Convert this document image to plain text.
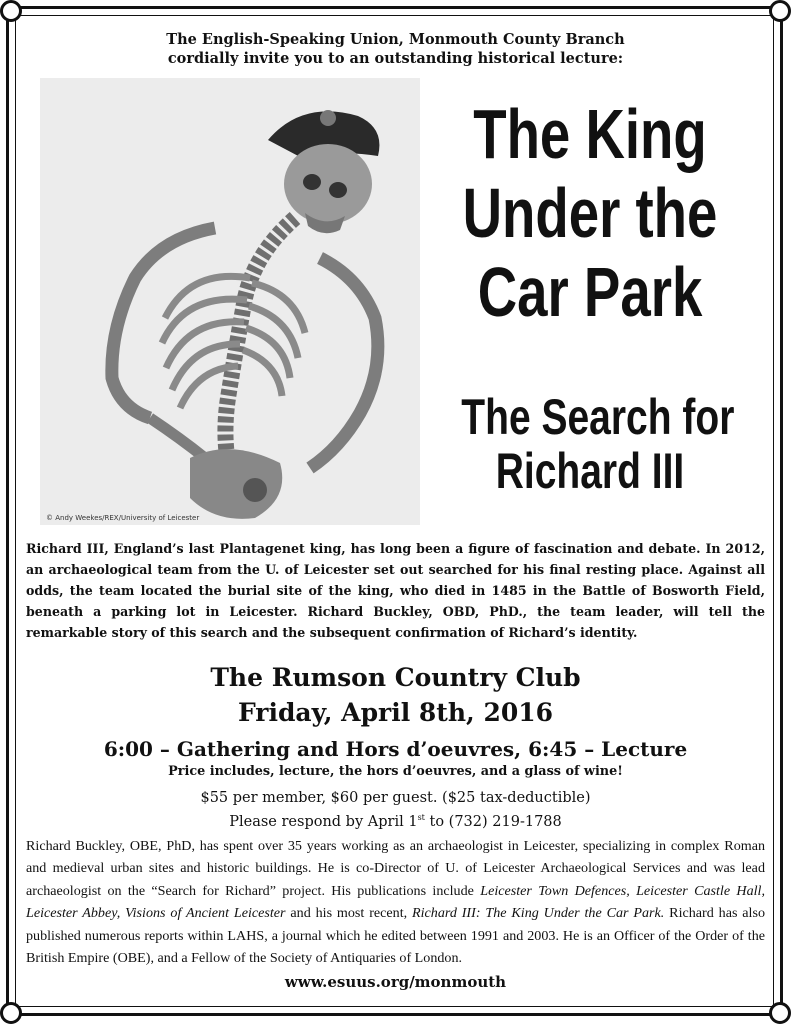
The English-Speaking Union, Monmouth County Branch
cordially invite you to an outstanding historical lecture:
© Andy Weekes/REX/University of Leicester
The King
Under the
Car Park
The Search for
Richard III
Richard III, England’s last Plantagenet king, has long been a figure of fascination and debate. In 2012, an archaeological team from the U. of Leicester set out searched for his final resting place. Against all odds, the team located the burial site of the king, who died in 1485 in the Battle of Bosworth Field, beneath a parking lot in Leicester. Richard Buckley, OBD, PhD., the team leader, will tell the remarkable story of this search and the subsequent confirmation of Richard’s identity.
The Rumson Country Club
Friday, April 8th, 2016
6:00 – Gathering and Hors d’oeuvres, 6:45 – Lecture
Price includes, lecture, the hors d’oeuvres, and a glass of wine!
$55 per member, $60 per guest. ($25 tax-deductible)
Please respond by April 1st to (732) 219-1788
Richard Buckley, OBE, PhD, has spent over 35 years working as an archaeologist in Leicester, specializing in complex Roman and medieval urban sites and historic buildings. He is co-Director of U. of Leicester Archaeological Services and was lead archaeologist on the “Search for Richard” project. His publications include Leicester Town Defences, Leicester Castle Hall, Leicester Abbey, Visions of Ancient Leicester and his most recent, Richard III: The King Under the Car Park. Richard has also published numerous reports within LAHS, a journal which he edited between 1991 and 2003. He is an Officer of the Order of the British Empire (OBE), and a Fellow of the Society of Antiquaries of London.
www.esuus.org/monmouth
